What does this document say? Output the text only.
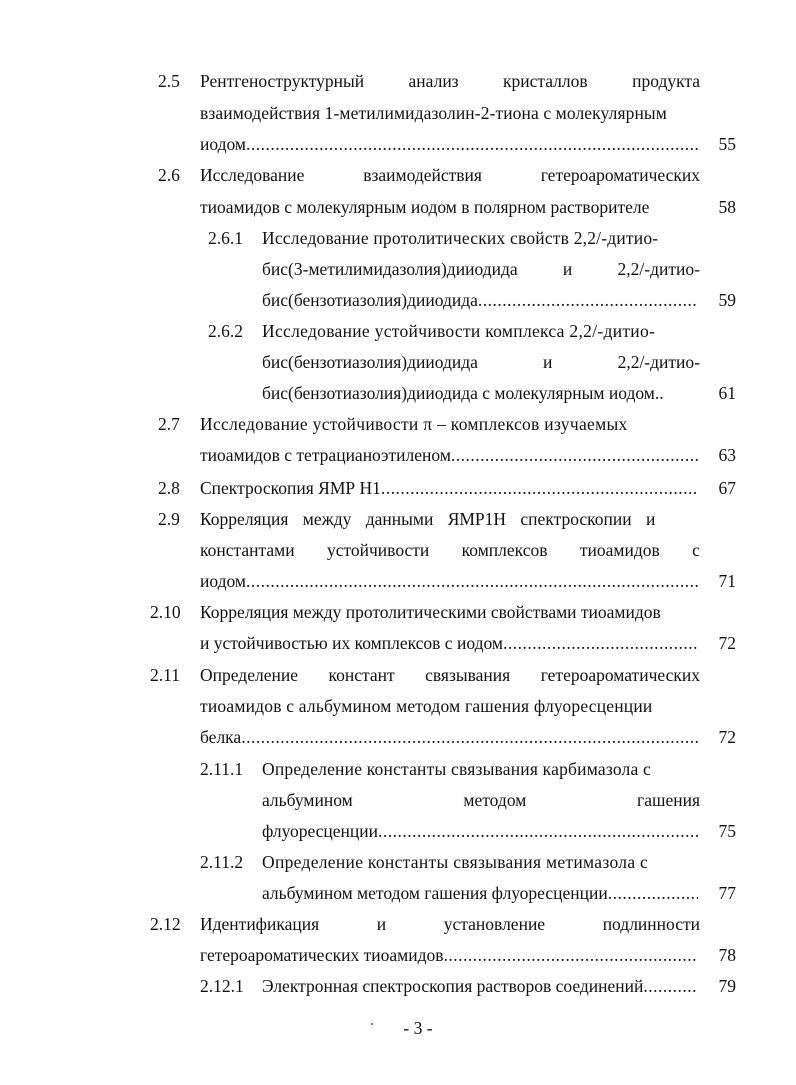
2.5 Рентгеноструктурный	анализ	кристаллов	продукта
взаимодействия 1-метилимидазолин-2-тиона с молекулярным
иодом .....	55
2.6 Исследование	взаимодействия	гетероароматических
тиоамидов с молекулярным иодом в полярном растворителе	58
2.6.1 Исследование протолитических свойств 2,2/-дитио-
бис(3-метилимидазолия)дииодида	и	2,2/-дитио-
бис(бензотиазолия)дииодида .....	59
2.6.2 Исследование устойчивости комплекса 2,2/-дитио-
бис(бензотиазолия)дииодида	и	2,2/-дитио-
бис(бензотиазолия)дииодида с молекулярным иодом..	61
2.7 Исследование устойчивости π – комплексов изучаемых
тиоамидов с тетрацианоэтиленом .....	63
2.8 Спектроскопия ЯМР Н1 .....	67
2.9 Корреляция между данными ЯМР1Н спектроскопии и
константами устойчивости комплексов тиоамидов с
иодом .....	71
2.10 Корреляция между протолитическими свойствами тиоамидов
и устойчивостью их комплексов с иодом .....	72
2.11 Определение констант связывания гетероароматических
тиоамидов с альбумином методом гашения флуоресценции
белка .....	72
2.11.1 Определение константы связывания карбимазола с
альбумином	методом	гашения
флуоресценции .....	75
2.11.2 Определение константы связывания метимазола с
альбумином методом гашения флуоресценции .....	77
2.12 Идентификация	и	установление	подлинности
гетероароматических тиоамидов .....	78
2.12.1 Электронная спектроскопия растворов соединений .....	79
- 3 -
